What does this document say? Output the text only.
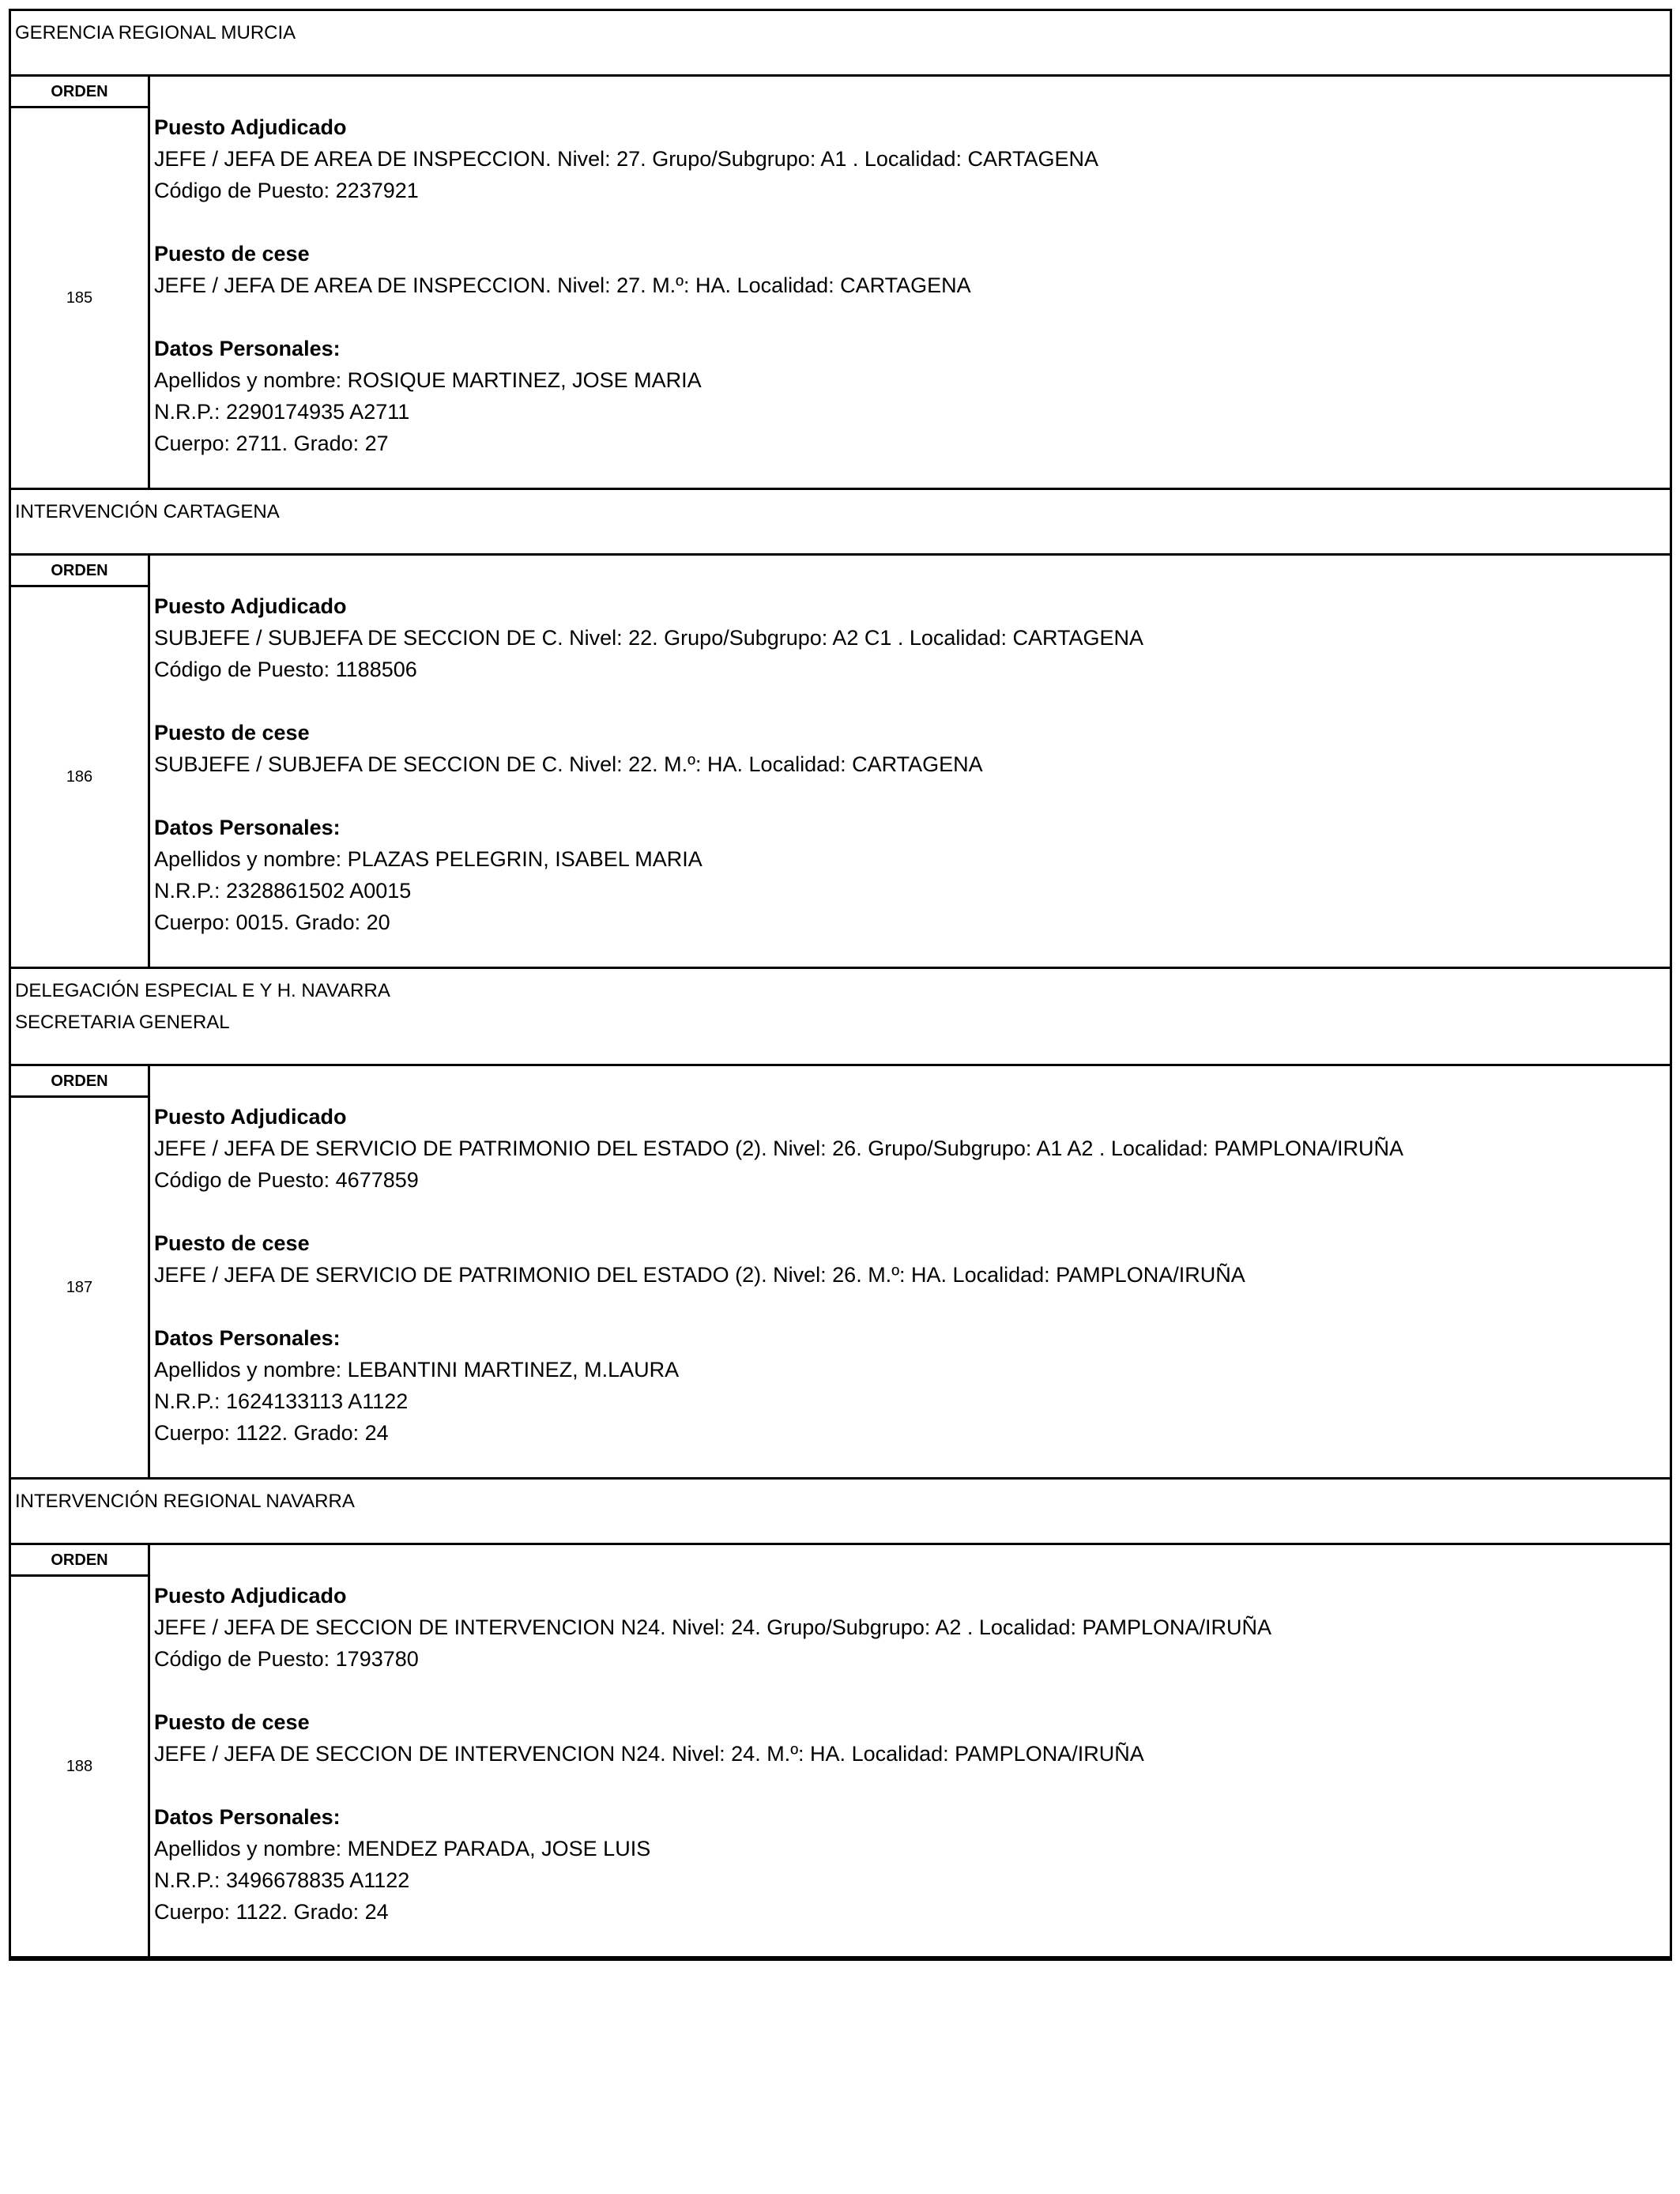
GERENCIA REGIONAL MURCIA
ORDEN
185
Puesto Adjudicado
JEFE / JEFA DE AREA DE INSPECCION. Nivel: 27. Grupo/Subgrupo: A1 . Localidad: CARTAGENA
Código de Puesto: 2237921
Puesto de cese
JEFE / JEFA DE AREA DE INSPECCION. Nivel: 27. M.º: HA. Localidad: CARTAGENA
Datos Personales:
Apellidos y nombre: ROSIQUE MARTINEZ, JOSE MARIA
N.R.P.: 2290174935 A2711
Cuerpo: 2711. Grado: 27
INTERVENCIÓN CARTAGENA
ORDEN
186
Puesto Adjudicado
SUBJEFE / SUBJEFA DE SECCION DE C. Nivel: 22. Grupo/Subgrupo: A2 C1 . Localidad: CARTAGENA
Código de Puesto: 1188506
Puesto de cese
SUBJEFE / SUBJEFA DE SECCION DE C. Nivel: 22. M.º: HA. Localidad: CARTAGENA
Datos Personales:
Apellidos y nombre: PLAZAS PELEGRIN, ISABEL MARIA
N.R.P.: 2328861502 A0015
Cuerpo: 0015. Grado: 20
DELEGACIÓN ESPECIAL E Y H. NAVARRA
SECRETARIA GENERAL
ORDEN
187
Puesto Adjudicado
JEFE / JEFA DE SERVICIO DE PATRIMONIO DEL ESTADO (2). Nivel: 26. Grupo/Subgrupo: A1 A2 . Localidad: PAMPLONA/IRUÑA
Código de Puesto: 4677859
Puesto de cese
JEFE / JEFA DE SERVICIO DE PATRIMONIO DEL ESTADO (2). Nivel: 26. M.º: HA. Localidad: PAMPLONA/IRUÑA
Datos Personales:
Apellidos y nombre: LEBANTINI MARTINEZ, M.LAURA
N.R.P.: 1624133113 A1122
Cuerpo: 1122. Grado: 24
INTERVENCIÓN REGIONAL NAVARRA
ORDEN
188
Puesto Adjudicado
JEFE / JEFA DE SECCION DE INTERVENCION N24. Nivel: 24. Grupo/Subgrupo: A2 . Localidad: PAMPLONA/IRUÑA
Código de Puesto: 1793780
Puesto de cese
JEFE / JEFA DE SECCION DE INTERVENCION N24. Nivel: 24. M.º: HA. Localidad: PAMPLONA/IRUÑA
Datos Personales:
Apellidos y nombre: MENDEZ PARADA, JOSE LUIS
N.R.P.: 3496678835 A1122
Cuerpo: 1122. Grado: 24
